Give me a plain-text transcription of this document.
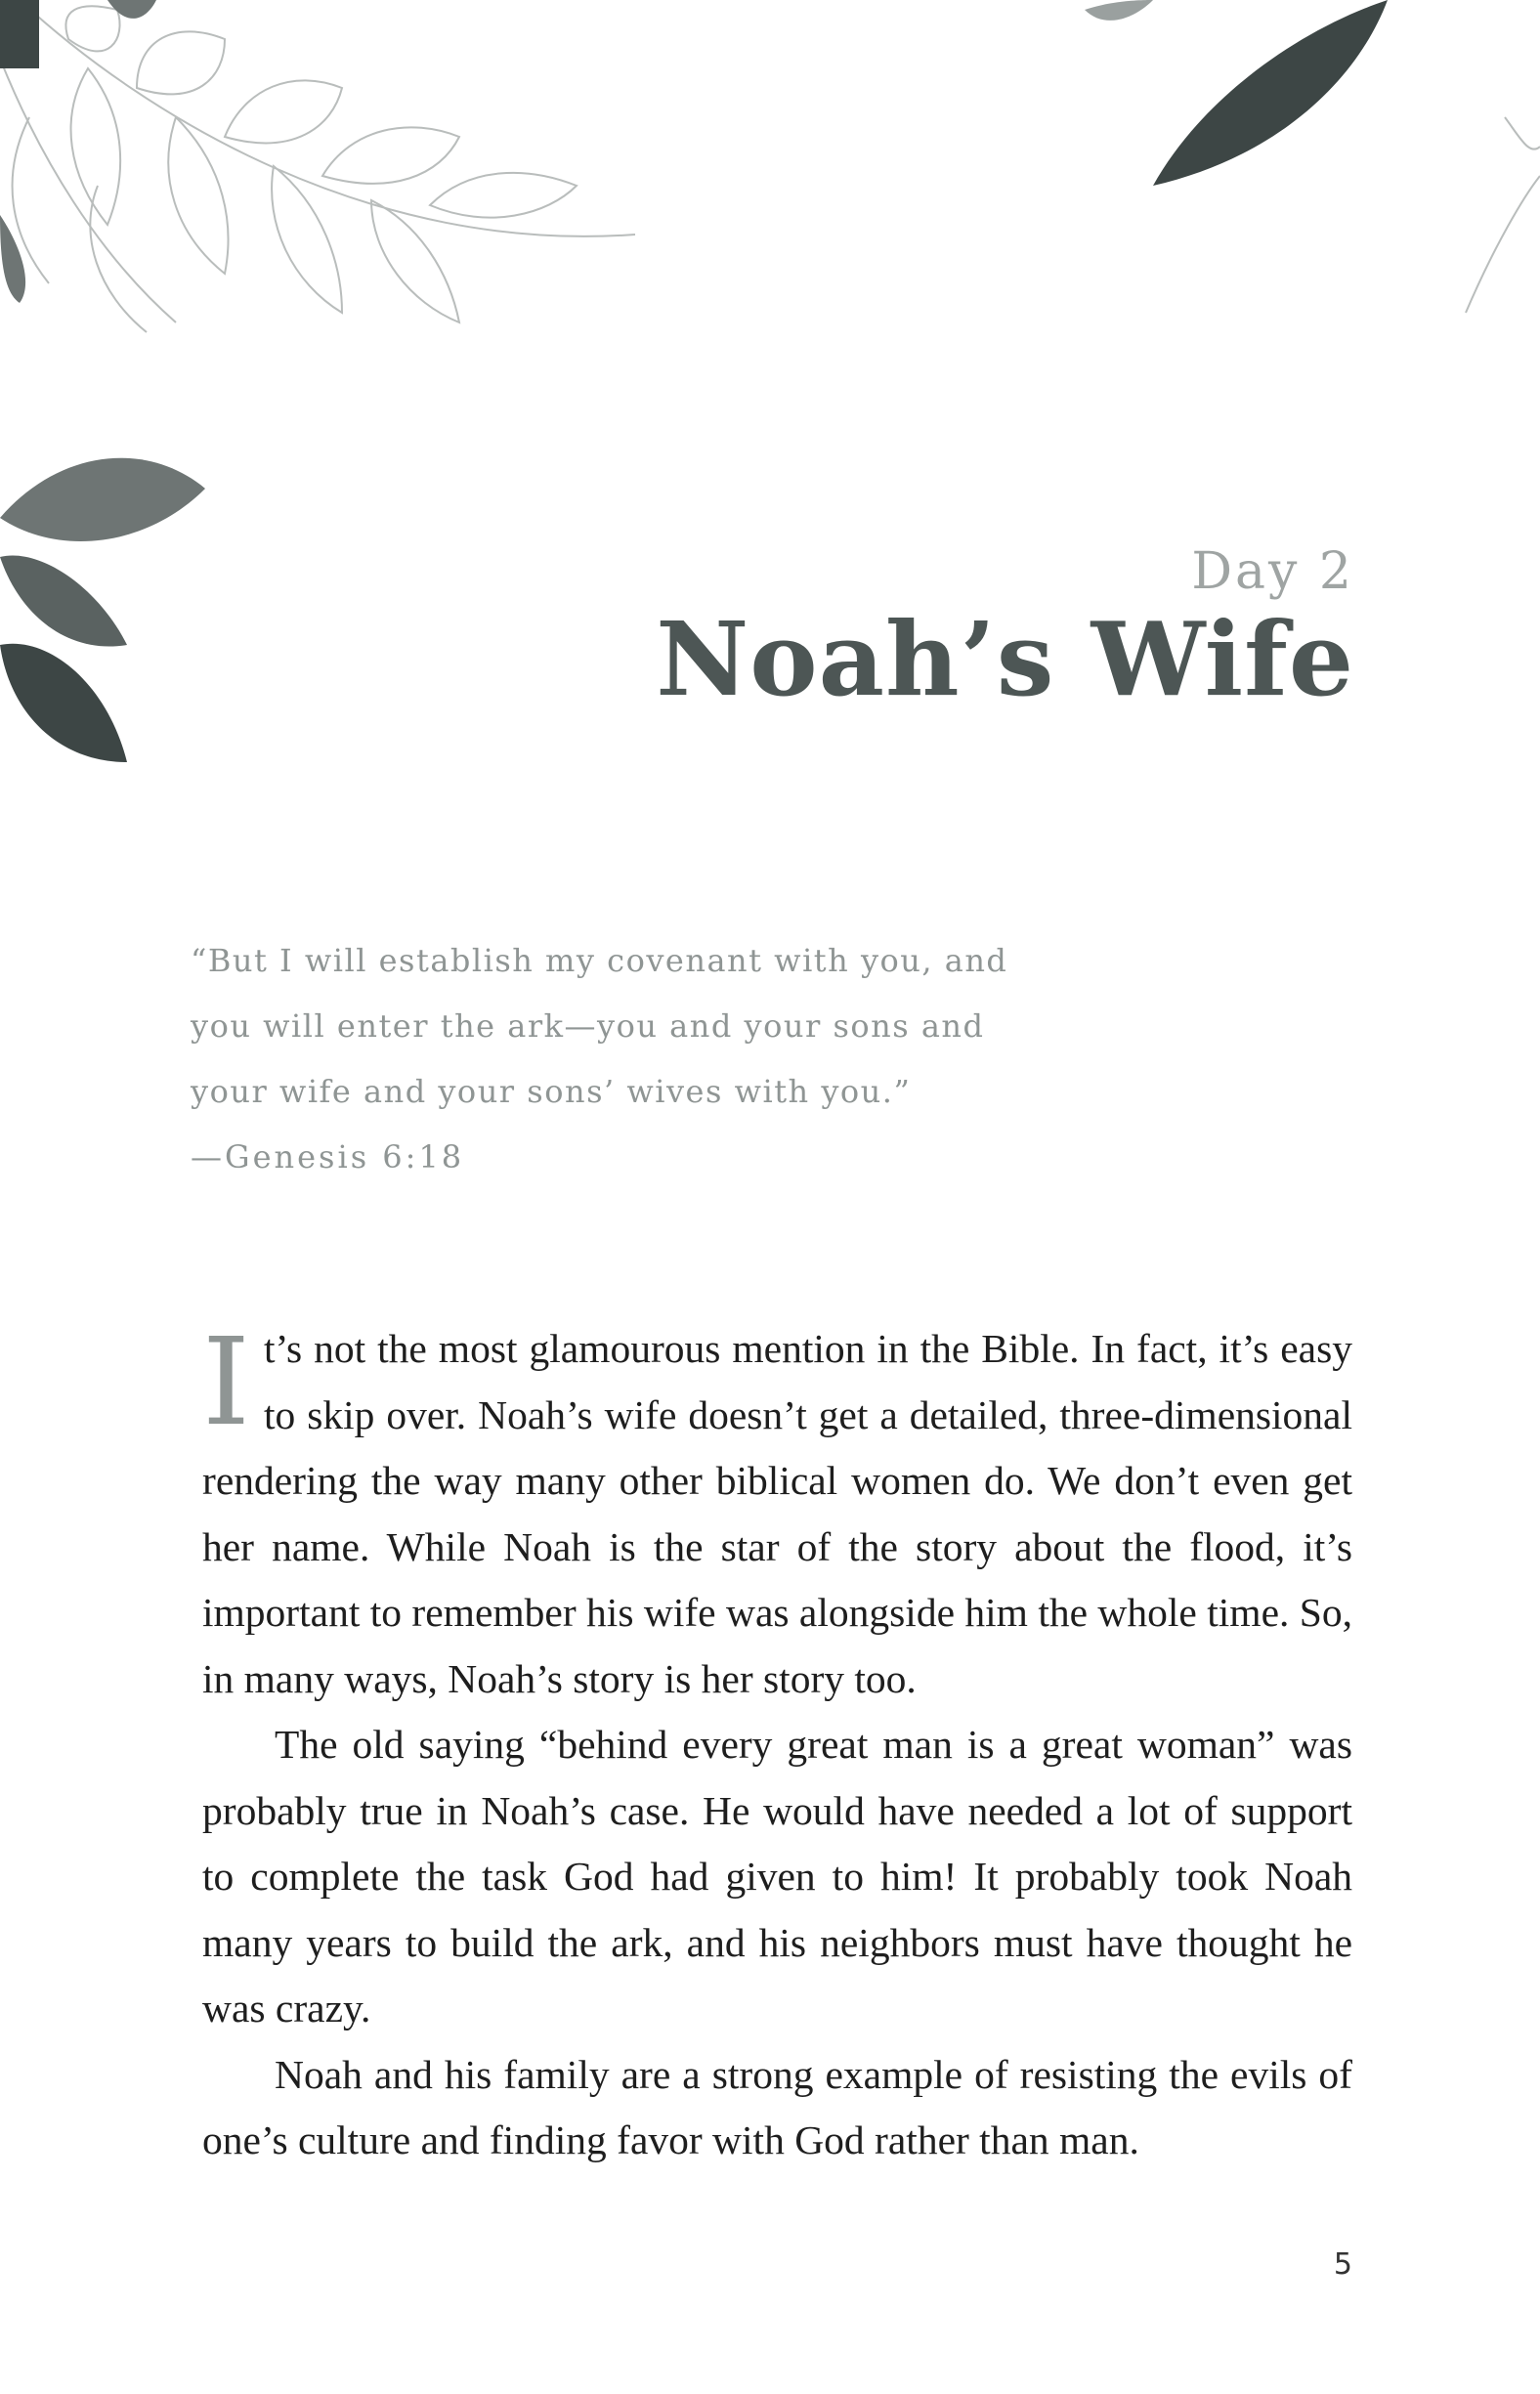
Day 2
Noah’s Wife
“But I will establish my covenant with you, and
you will enter the ark—you and your sons and
your wife and your sons’ wives with you.”
—Genesis 6:18

It’s not the most glamourous mention in the Bible. In fact, it’s easy to skip over. Noah’s wife doesn’t get a detailed, three-dimensional rendering the way many other biblical women do. We don’t even get her name. While Noah is the star of the story about the flood, it’s important to remember his wife was alongside him the whole time. So, in many ways, Noah’s story is her story too.

The old saying “behind every great man is a great woman” was probably true in Noah’s case. He would have needed a lot of support to complete the task God had given to him! It probably took Noah many years to build the ark, and his neighbors must have thought he was crazy.

Noah and his family are a strong example of resisting the evils of one’s culture and finding favor with God rather than man.

5
